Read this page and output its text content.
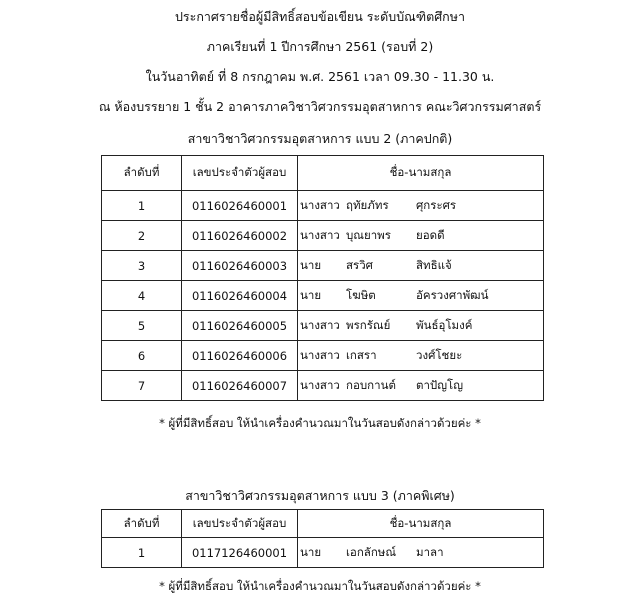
ประกาศรายชื่อผู้มีสิทธิ์สอบข้อเขียน ระดับบัณฑิตศึกษา
ภาคเรียนที่ 1 ปีการศึกษา 2561 (รอบที่ 2)
ในวันอาทิตย์ ที่ 8 กรกฎาคม พ.ศ. 2561 เวลา 09.30 - 11.30 น.
ณ ห้องบรรยาย 1 ชั้น 2 อาคารภาควิชาวิศวกรรมอุตสาหการ คณะวิศวกรรมศาสตร์
สาขาวิชาวิศวกรรมอุตสาหการ แบบ 2 (ภาคปกติ)
ลำดับที่	เลขประจำตัวผู้สอบ	ชื่อ-นามสกุล
1	0116026460001	นางสาว ฤทัยภัทร ศุกระศร
2	0116026460002	นางสาว บุณยาพร ยอดดี
3	0116026460003	นาย สรวิศ สิทธิแจ้
4	0116026460004	นาย โฆษิต อัครวงศาพัฒน์
5	0116026460005	นางสาว พรกรัณย์ พันธ์อุโมงค์
6	0116026460006	นางสาว เกสรา วงศ์โชยะ
7	0116026460007	นางสาว กอบกานต์ ตาปัญโญ
* ผู้ที่มีสิทธิ์สอบ ให้นำเครื่องคำนวณมาในวันสอบดังกล่าวด้วยค่ะ *
สาขาวิชาวิศวกรรมอุตสาหการ แบบ 3 (ภาคพิเศษ)
ลำดับที่	เลขประจำตัวผู้สอบ	ชื่อ-นามสกุล
1	0117126460001	นาย เอกลักษณ์ มาลา
* ผู้ที่มีสิทธิ์สอบ ให้นำเครื่องคำนวณมาในวันสอบดังกล่าวด้วยค่ะ *
